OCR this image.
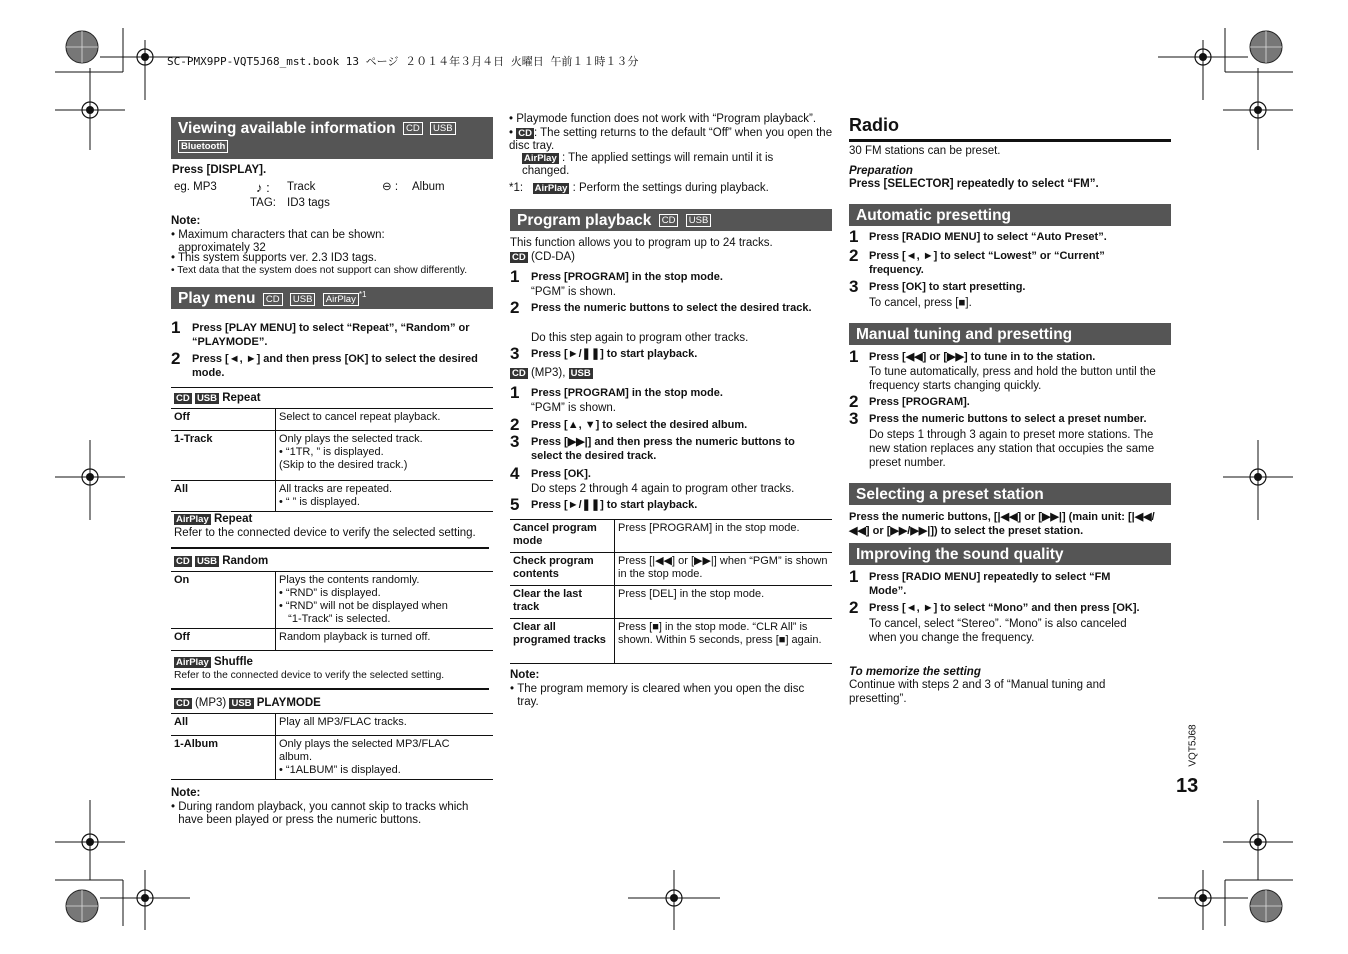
SC-PMX9PP-VQT5J68_mst.book 13 ページ ２０１４年３月４日 火曜日 午前１１時１３分
Viewing available information CD USB
Bluetooth
Press [DISPLAY].
eg. MP3	♪ : Track	⊖ : Album
TAG: ID3 tags
Note:
• Maximum characters that can be shown: approximately 32
• This system supports ver. 2.3 ID3 tags.
• Text data that the system does not support can show differently.
Play menu CD USB AirPlay $^{*1}$
1 Press [PLAY MENU] to select “Repeat”, “Random” or “PLAYMODE”.
2 Press [◄, ►] and then press [OK] to select the desired mode.
CD USB Repeat
Off	Select to cancel repeat playback.

1-Track	Only plays the selected track.
• “1TR, ” is displayed.
(Skip to the desired track.)

All	All tracks are repeated.
• “ ” is displayed.
AirPlay Repeat
Refer to the connected device to verify the selected setting.
CD USB Random
On	Plays the contents randomly.
• “RND” is displayed.
• “RND” will not be displayed when
“1-Track” is selected.

Off	Random playback is turned off.
AirPlay Shuffle
Refer to the connected device to verify the selected setting.
CD (MP3) USB PLAYMODE
All	Play all MP3/FLAC tracks.

1-Album	Only plays the selected MP3/FLAC
album.
• “1ALBUM” is displayed.
Note:
• During random playback, you cannot skip to tracks which have been played or press the numeric buttons.
• Playmode function does not work with “Program playback”.
• CD : The setting returns to the default “Off” when you open the disc tray.
AirPlay : The applied settings will remain until it is changed.
*1: AirPlay : Perform the settings during playback.
Program playback CD USB
This function allows you to program up to 24 tracks.
CD (CD-DA)
1 Press [PROGRAM] in the stop mode.
“PGM” is shown.
2 Press the numeric buttons to select the desired track.
Do this step again to program other tracks.
3 Press [►/❚❚] to start playback.
CD (MP3), USB
1 Press [PROGRAM] in the stop mode.
“PGM” is shown.
2 Press [▲, ▼] to select the desired album.
3 Press [▶▶|] and then press the numeric buttons to select the desired track.
4 Press [OK].
Do steps 2 through 4 again to program other tracks.
5 Press [►/❚❚] to start playback.
Cancel program mode	Press [PROGRAM] in the stop mode.
Check program contents	Press [|◀◀] or [▶▶|] when “PGM” is shown in the stop mode.
Clear the last track	Press [DEL] in the stop mode.
Clear all programed tracks	Press [■] in the stop mode. “CLR All” is shown. Within 5 seconds, press [■] again.
Note:
• The program memory is cleared when you open the disc tray.
Radio
30 FM stations can be preset.
Preparation
Press [SELECTOR] repeatedly to select “FM”.
Automatic presetting
1 Press [RADIO MENU] to select “Auto Preset”.
2 Press [◄, ►] to select “Lowest” or “Current” frequency.
3 Press [OK] to start presetting.
To cancel, press [■].
Manual tuning and presetting
1 Press [◀◀] or [▶▶] to tune in to the station.
To tune automatically, press and hold the button until the frequency starts changing quickly.
2 Press [PROGRAM].
3 Press the numeric buttons to select a preset number.
Do steps 1 through 3 again to preset more stations. The new station replaces any station that occupies the same preset number.
Selecting a preset station
Press the numeric buttons, [|◀◀] or [▶▶|] (main unit: [|◀◀/◀◀] or [▶▶/▶▶|]) to select the preset station.
Improving the sound quality
1 Press [RADIO MENU] repeatedly to select “FM Mode”.
2 Press [◄, ►] to select “Mono” and then press [OK].
To cancel, select “Stereo”. “Mono” is also canceled when you change the frequency.
To memorize the setting
Continue with steps 2 and 3 of “Manual tuning and presetting”.
VQT5J68
13
